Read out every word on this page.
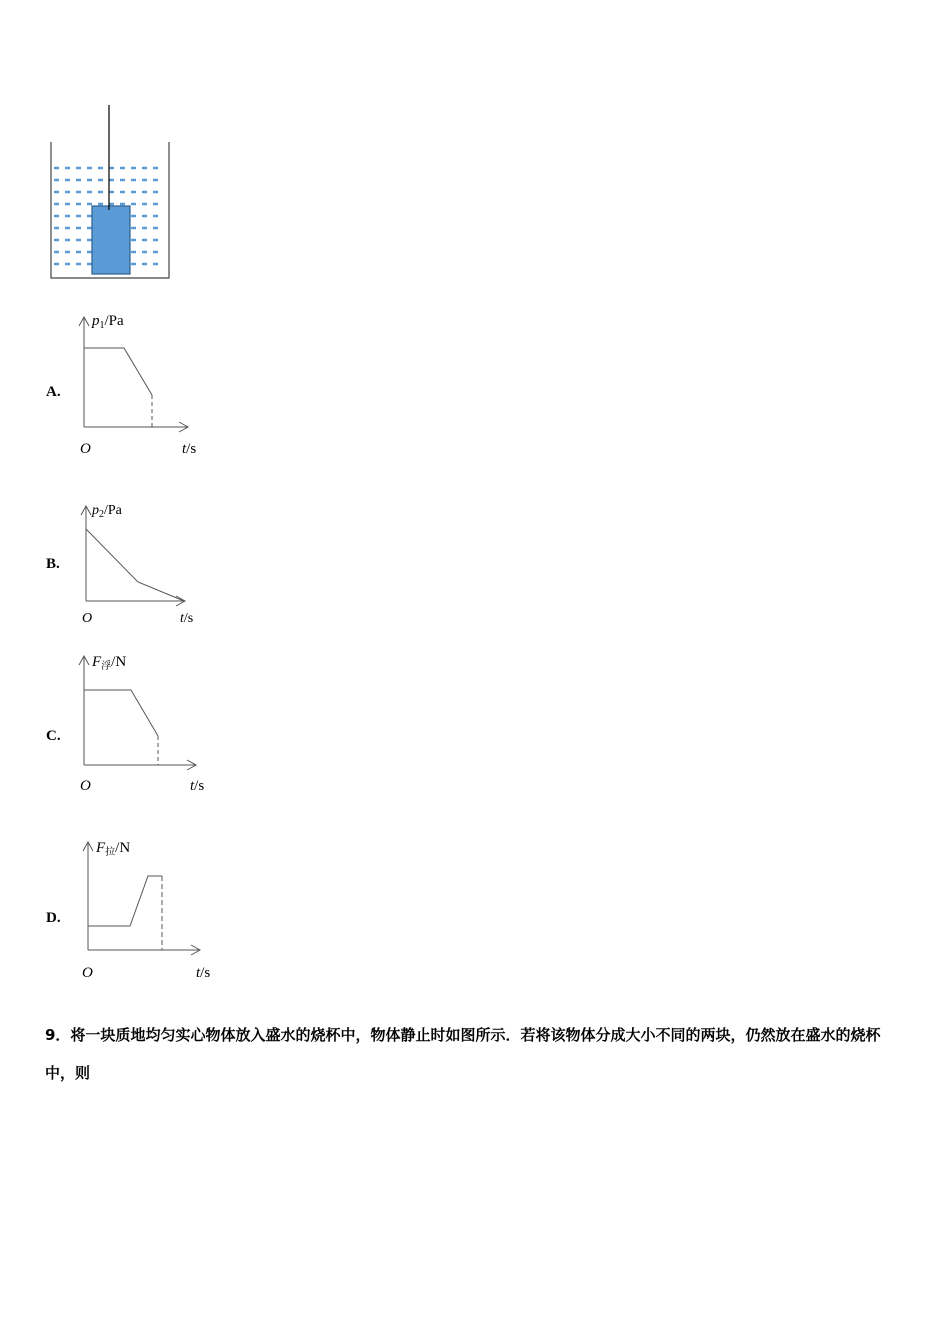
A.
$p_1/Pa$
O	t/s
B.
$p_2/Pa$
O	t/s
C.
$F_浮/N$
O	t/s
D.
$F_拉/N$
O	t/s
9．将一块质地均匀实心物体放入盛水的烧杯中，物体静止时如图所示．若将该物体分成大小不同的两块，仍然放在盛水的烧杯中，则
